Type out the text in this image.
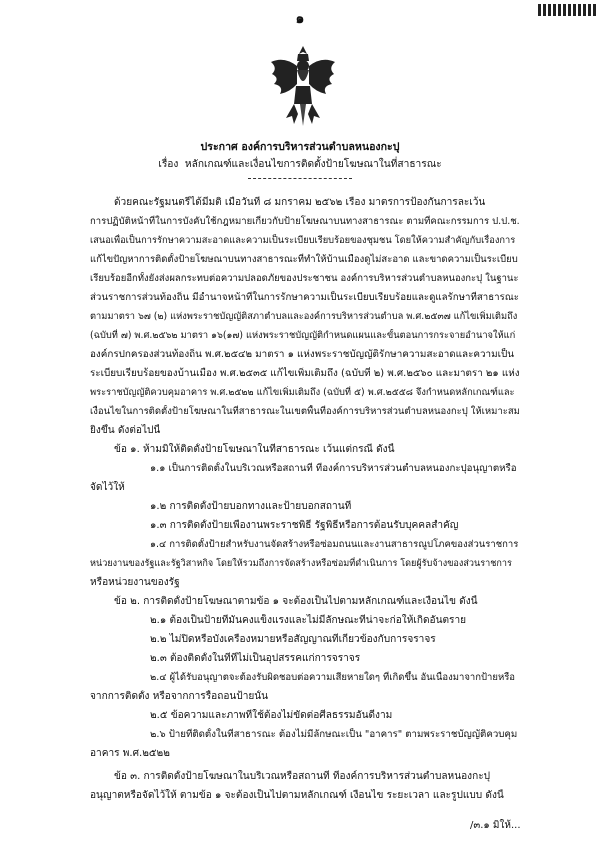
๑
ประกาศ องค์การบริหารส่วนตำบลหนองกะปุ
เรื่อง หลักเกณฑ์และเงื่อนไขการติดตั้งป้ายโฆษณาในที่สาธารณะ
ด้วยคณะรัฐมนตรีได้มีมติ เมื่อวันที่ ๘ มกราคม ๒๕๖๒ เรื่อง มาตรการป้องกันการละเว้น
การปฏิบัติหน้าที่ในการบังคับใช้กฎหมายเกี่ยวกับป้ายโฆษณาบนทางสาธารณะ ตามที่คณะกรรมการ ป.ป.ช.
เสนอเพื่อเป็นการรักษาความสะอาดและความเป็นระเบียบเรียบร้อยของชุมชน โดยให้ความสำคัญกับเรื่องการ
แก้ไขปัญหาการติดตั้งป้ายโฆษณาบนทางสาธารณะที่ทำให้บ้านเมืองดูไม่สะอาด และขาดความเป็นระเบียบ
เรียบร้อยอีกทั้งยังส่งผลกระทบต่อความปลอดภัยของประชาชน องค์การบริหารส่วนตำบลหนองกะปุ ในฐานะ
ส่วนราชการส่วนท้องถิ่น มีอำนาจหน้าที่ในการรักษาความเป็นระเบียบเรียบร้อยและดูแลรักษาที่สาธารณะ
ตามมาตรา ๖๗ (๒) แห่งพระราชบัญญัติสภาตำบลและองค์การบริหารส่วนตำบล พ.ศ.๒๕๓๗ แก้ไขเพิ่มเติมถึง
(ฉบับที่ ๗) พ.ศ.๒๕๖๒ มาตรา ๑๖(๑๗) แห่งพระราชบัญญัติกำหนดแผนและขั้นตอนการกระจายอำนาจให้แก่
องค์กรปกครองส่วนท้องถิ่น พ.ศ.๒๕๔๒ มาตรา ๑ แห่งพระราชบัญญัติรักษาความสะอาดและความเป็น
ระเบียบเรียบร้อยของบ้านเมือง พ.ศ.๒๕๓๕ แก้ไขเพิ่มเติมถึง (ฉบับที่ ๒) พ.ศ.๒๕๖๐ และมาตรา ๒๑ แห่ง
พระราชบัญญัติควบคุมอาคาร พ.ศ.๒๕๒๒ แก้ไขเพิ่มเติมถึง (ฉบับที่ ๕) พ.ศ.๒๕๕๘ จึงกำหนดหลักเกณฑ์และ
เงื่อนไขในการติดตั้งป้ายโฆษณาในที่สาธารณะในเขตพื้นที่องค์การบริหารส่วนตำบลหนองกะปุ ให้เหมาะสม
ยิ่งขึ้น ดังต่อไปนี้
ข้อ ๑. ห้ามมิให้ติดตั้งป้ายโฆษณาในที่สาธารณะ เว้นแต่กรณี ดังนี้
๑.๑ เป็นการติดตั้งในบริเวณหรือสถานที่ ที่องค์การบริหารส่วนตำบลหนองกะปุอนุญาตหรือ
จัดไว้ให้
๑.๒ การติดตั้งป้ายบอกทางและป้ายบอกสถานที่
๑.๓ การติดตั้งป้ายเพื่องานพระราชพิธี รัฐพิธีหรือการต้อนรับบุคคลสำคัญ
๑.๔ การติดตั้งป้ายสำหรับงานจัดสร้างหรือซ่อมถนนและงานสาธารณูปโภคของส่วนราชการ
หน่วยงานของรัฐและรัฐวิสาหกิจ โดยให้รวมถึงการจัดสร้างหรือซ่อมที่ดำเนินการ โดยผู้รับจ้างของส่วนราชการ
หรือหน่วยงานของรัฐ
ข้อ ๒. การติดตั้งป้ายโฆษณาตามข้อ ๑ จะต้องเป็นไปตามหลักเกณฑ์และเงื่อนไข ดังนี้
๒.๑ ต้องเป็นป้ายที่มั่นคงแข็งแรงและไม่มีลักษณะที่น่าจะก่อให้เกิดอันตราย
๒.๒ ไม่ปิดหรือบังเครื่องหมายหรือสัญญาณที่เกี่ยวข้องกับการจราจร
๒.๓ ต้องติดตั้งในที่ที่ไม่เป็นอุปสรรคแก่การจราจร
๒.๔ ผู้ได้รับอนุญาตจะต้องรับผิดชอบต่อความเสียหายใดๆ ที่เกิดขึ้น อันเนื่องมาจากป้ายหรือ
จากการติดตั้ง หรือจากการรื้อถอนป้ายนั้น
๒.๕ ข้อความและภาพที่ใช้ต้องไม่ขัดต่อศีลธรรมอันดีงาม
๒.๖ ป้ายที่ติดตั้งในที่สาธารณะ ต้องไม่มีลักษณะเป็น "อาคาร" ตามพระราชบัญญัติควบคุม
อาคาร พ.ศ.๒๕๒๒
ข้อ ๓. การติดตั้งป้ายโฆษณาในบริเวณหรือสถานที่ ที่องค์การบริหารส่วนตำบลหนองกะปุ
อนุญาตหรือจัดไว้ให้ ตามข้อ ๑ จะต้องเป็นไปตามหลักเกณฑ์ เงื่อนไข ระยะเวลา และรูปแบบ ดังนี้
/๓.๑ มิให้...
